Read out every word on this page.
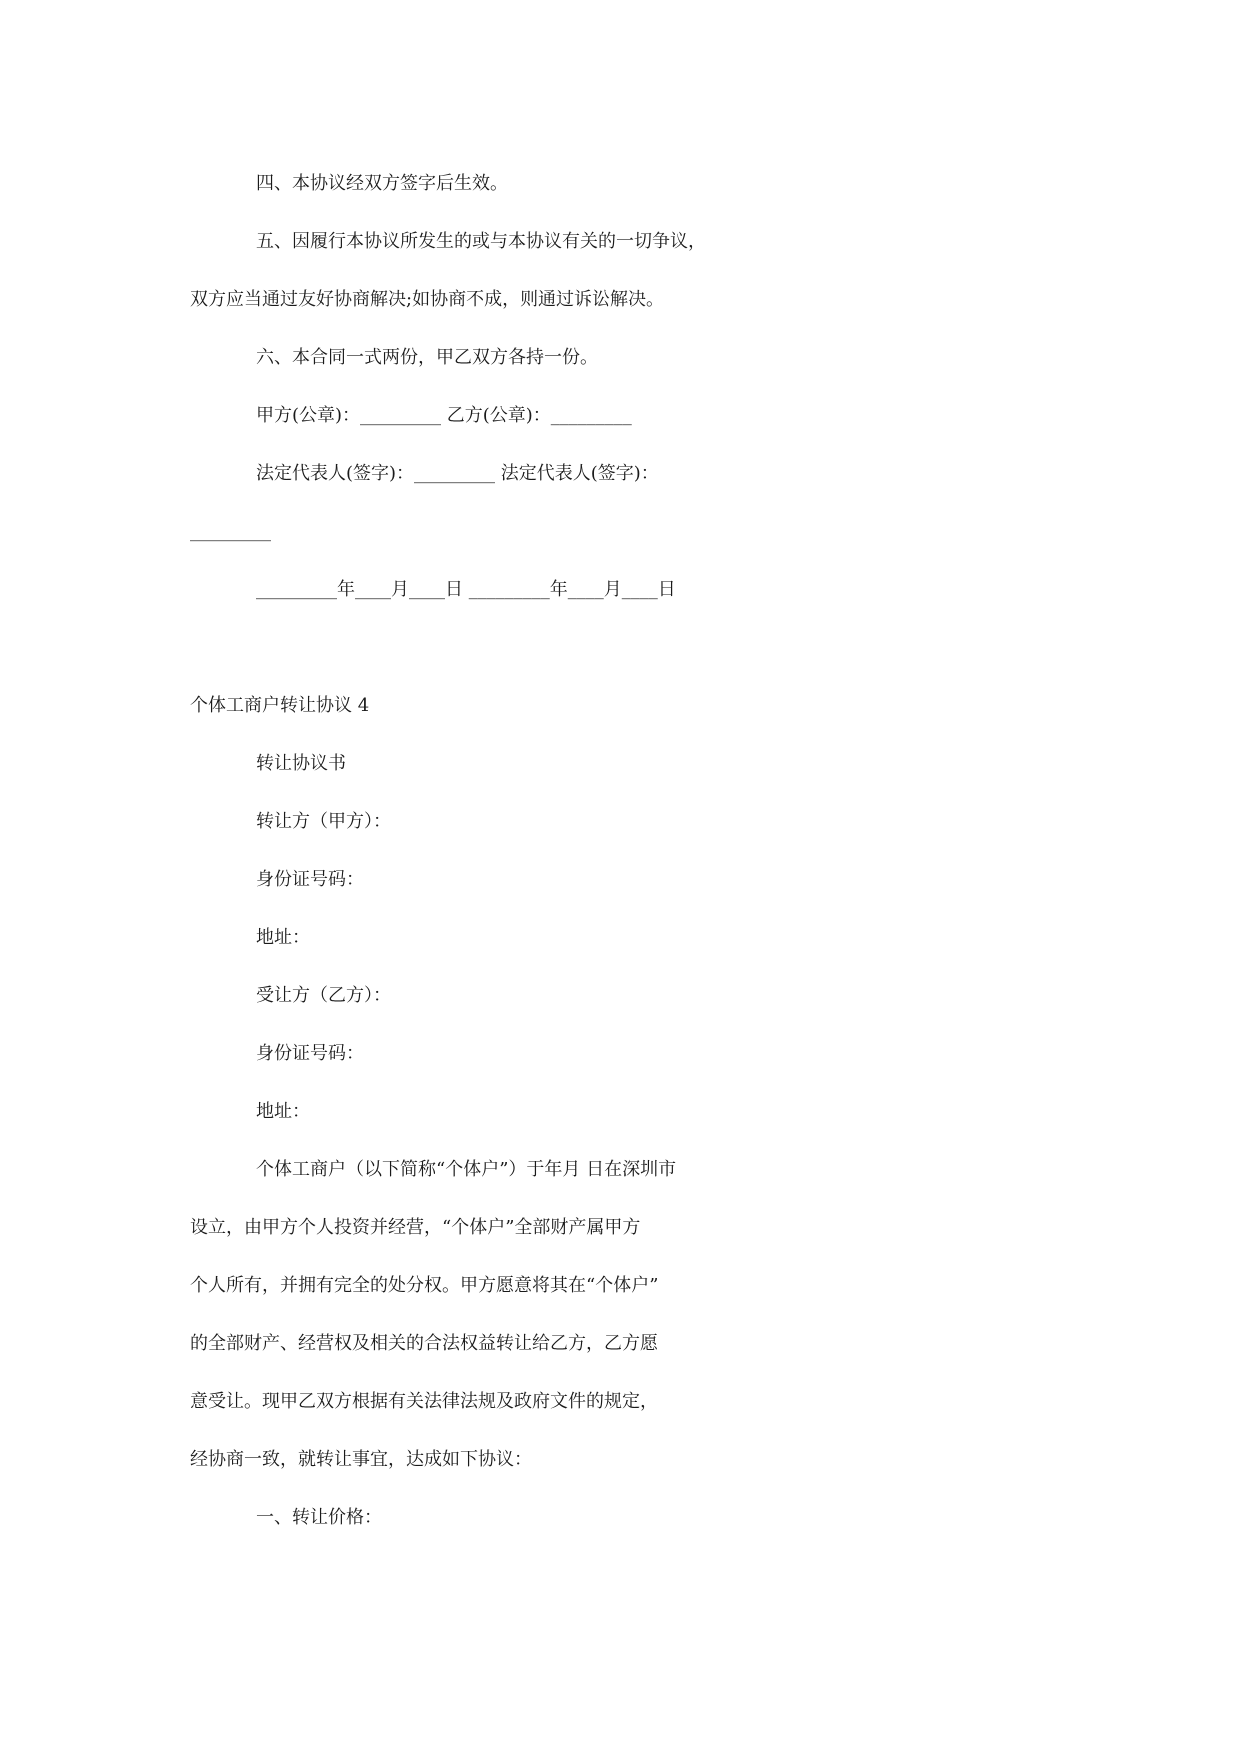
四、本协议经双方签字后生效。
五、因履行本协议所发生的或与本协议有关的一切争议，
双方应当通过友好协商解决;如协商不成，则通过诉讼解决。
六、本合同一式两份，甲乙双方各持一份。
甲方(公章)：_________ 乙方(公章)：_________
法定代表人(签字)：_________ 法定代表人(签字)：
_________
_________年____月____日 _________年____月____日
个体工商户转让协议 4
转让协议书
转让方（甲方）：
身份证号码：
地址：
受让方（乙方）：
身份证号码：
地址：
个体工商户（以下简称“个体户”）于年月 日在深圳市
设立，由甲方个人投资并经营，“个体户”全部财产属甲方
个人所有，并拥有完全的处分权。甲方愿意将其在“个体户”
的全部财产、经营权及相关的合法权益转让给乙方，乙方愿
意受让。现甲乙双方根据有关法律法规及政府文件的规定，
经协商一致，就转让事宜，达成如下协议：
一、转让价格：
